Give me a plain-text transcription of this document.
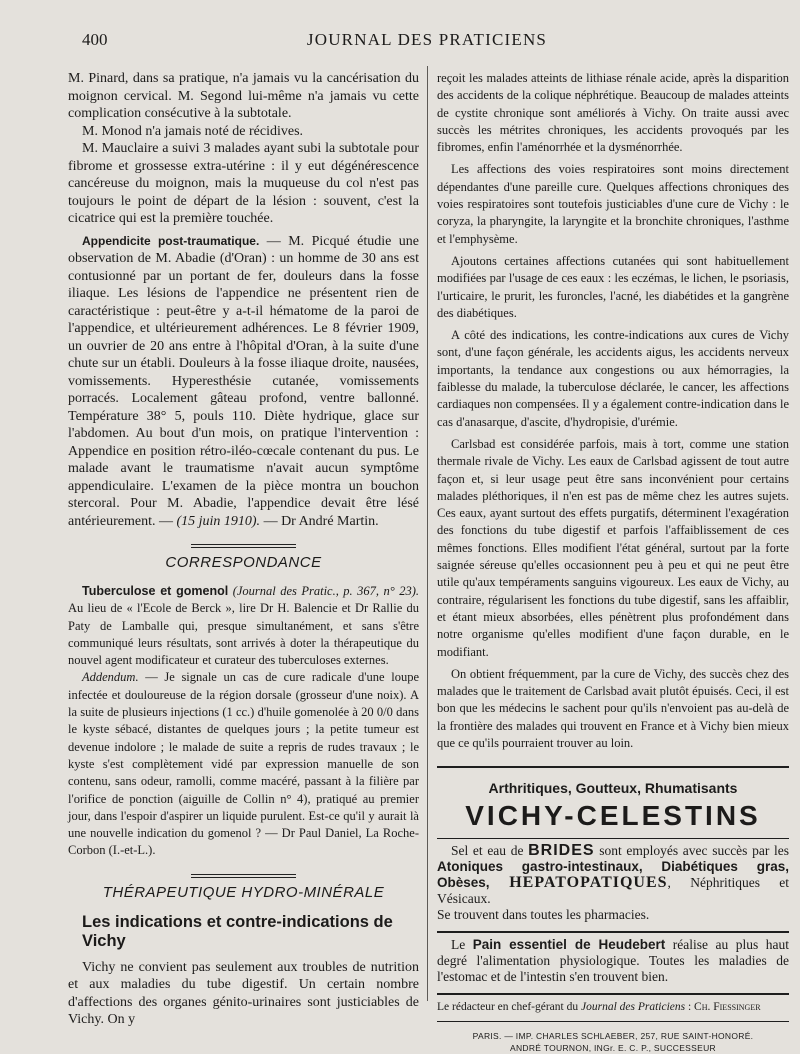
400	JOURNAL DES PRATICIENS

M. Pinard, dans sa pratique, n'a jamais vu la cancérisation du moignon cervical. M. Segond lui-même n'a jamais vu cette complication consécutive à la subtotale.

M. Monod n'a jamais noté de récidives.

M. Mauclaire a suivi 3 malades ayant subi la subtotale pour fibrome et grossesse extra-utérine : il y eut dégénérescence cancéreuse du moignon, mais la muqueuse du col n'est pas toujours le point de départ de la lésion : souvent, c'est la cicatrice qui est la première touchée.

Appendicite post-traumatique. — M. Picqué étudie une observation de M. Abadie (d'Oran) : un homme de 30 ans est contusionné par un portant de fer, douleurs dans la fosse iliaque. Les lésions de l'appendice ne présentent rien de caractéristique : peut-être y a-t-il hématome de la paroi de l'appendice, et ultérieurement adhérences. Le 8 février 1909, un ouvrier de 20 ans entre à l'hôpital d'Oran, à la suite d'une chute sur un établi. Douleurs à la fosse iliaque droite, nausées, vomissements. Hyperesthésie cutanée, vomissements porracés. Localement gâteau profond, ventre ballonné. Température 38° 5, pouls 110. Diète hydrique, glace sur l'abdomen. Au bout d'un mois, on pratique l'intervention : Appendice en position rétro-iléo-cœcale contenant du pus. Le malade avant le traumatisme n'avait aucun symptôme appendiculaire. L'examen de la pièce montra un bouchon stercoral. Pour M. Abadie, l'appendice devait être lésé antérieurement. — (15 juin 1910). — Dr André Martin.

CORRESPONDANCE

Tuberculose et gomenol (Journal des Pratic., p. 367, n° 23). Au lieu de « l'Ecole de Berck », lire Dr H. Balencie et Dr Rallie du Paty de Lamballe qui, presque simultanément, et sans s'être communiqué leurs résultats, sont arrivés à doter la thérapeutique du nouvel agent modificateur et curateur des tuberculoses externes.

Addendum. — Je signale un cas de cure radicale d'une loupe infectée et douloureuse de la région dorsale (grosseur d'une noix). A la suite de plusieurs injections (1 cc.) d'huile gomenolée à 20 0/0 dans le kyste sébacé, distantes de quelques jours ; la petite tumeur est devenue indolore ; le malade de suite a repris de rudes travaux ; le kyste s'est complètement vidé par expression manuelle de son contenu, sans odeur, ramolli, comme macéré, passant à la filière par l'orifice de ponction (aiguille de Collin n° 4), pratiqué au premier jour, dans l'espoir d'aspirer un liquide purulent. Est-ce qu'il y aurait là une nouvelle indication du gomenol ? — Dr Paul Daniel, La Roche-Corbon (I.-et-L.).

THÉRAPEUTIQUE HYDRO-MINÉRALE
Les indications et contre-indications de Vichy

Vichy ne convient pas seulement aux troubles de nutrition et aux maladies du tube digestif. Un certain nombre d'affections des organes génito-urinaires sont justiciables de Vichy. On y

reçoit les malades atteints de lithiase rénale acide, après la disparition des accidents de la colique néphrétique. Beaucoup de malades atteints de cystite chronique sont améliorés à Vichy. On traite aussi avec succès les métrites chroniques, les accidents provoqués par les fibromes, enfin l'aménorrhée et la dysménorrhée.

Les affections des voies respiratoires sont moins directement dépendantes d'une pareille cure. Quelques affections chroniques des voies respiratoires sont toutefois justiciables d'une cure de Vichy : le coryza, la pharyngite, la laryngite et la bronchite chroniques, l'asthme et l'emphysème.

Ajoutons certaines affections cutanées qui sont habituellement modifiées par l'usage de ces eaux : les eczémas, le lichen, le psoriasis, l'urticaire, le prurit, les furoncles, l'acné, les diabétides et la gangrène des diabétiques.

A côté des indications, les contre-indications aux cures de Vichy sont, d'une façon générale, les accidents aigus, les accidents nerveux importants, la tendance aux congestions ou aux hémorragies, la faiblesse du malade, la tuberculose déclarée, le cancer, les affections cardiaques non compensées. Il y a également contre-indication dans le cas d'anasarque, d'ascite, d'hydropisie, d'urémie.

Carlsbad est considérée parfois, mais à tort, comme une station thermale rivale de Vichy. Les eaux de Carlsbad agissent de tout autre façon et, si leur usage peut être sans inconvénient pour certains malades pléthoriques, il n'en est pas de même chez les autres sujets. Ces eaux, ayant surtout des effets purgatifs, déterminent l'exagération des fonctions du tube digestif et parfois l'affaiblissement de ces mêmes fonctions. Elles modifient l'état général, surtout par la forte saignée séreuse qu'elles occasionnent peu à peu et qui ne peut être utile qu'aux tempéraments sanguins vigoureux. Les eaux de Vichy, au contraire, régularisent les fonctions du tube digestif, sans les affaiblir, et étant mieux absorbées, elles pénètrent plus profondément dans notre organisme qu'elles modifient d'une façon durable, en le modifiant.

On obtient fréquemment, par la cure de Vichy, des succès chez des malades que le traitement de Carlsbad avait plutôt épuisés. Ceci, il est bon que les médecins le sachent pour qu'ils n'envoient pas au-delà de la frontière des malades qui trouvent en France et à Vichy bien mieux que ce qu'ils pourraient trouver au loin.

Arthritiques, Goutteux, Rhumatisants
VICHY-CELESTINS

Sel et eau de BRIDES sont employés avec succès par les Atoniques gastro-intestinaux, Diabétiques gras, Obèses, HEPATOPATIQUES, Néphritiques et Vésicaux.
Se trouvent dans toutes les pharmacies.

Le Pain essentiel de Heudebert réalise au plus haut degré l'alimentation physiologique. Toutes les maladies de l'estomac et de l'intestin s'en trouvent bien.

Le rédacteur en chef-gérant du Journal des Praticiens : Ch. Fiessinger

PARIS. — IMP. CHARLES SCHLAEBER, 257, RUE SAINT-HONORÉ.
ANDRÉ TOURNON, INGr. E. C. P., SUCCESSEUR
